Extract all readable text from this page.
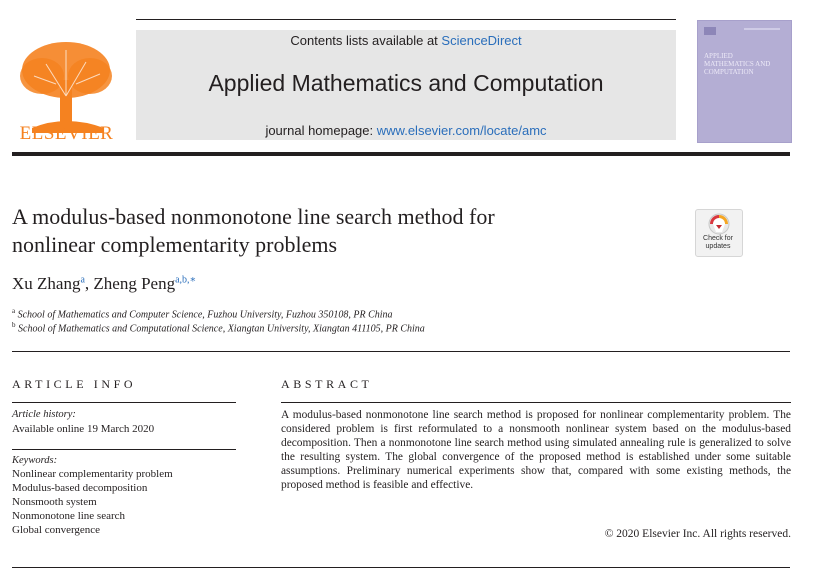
ELSEVIER
Contents lists available at ScienceDirect
Applied Mathematics and Computation
journal homepage: www.elsevier.com/locate/amc
APPLIED MATHEMATICS AND COMPUTATION
A modulus-based nonmonotone line search method for
nonlinear complementarity problems	Check for updates
Xu Zhang$^a$, Zheng Peng$^{a,b,∗}$
$^a$ School of Mathematics and Computer Science, Fuzhou University, Fuzhou 350108, PR China
$^b$ School of Mathematics and Computational Science, Xiangtan University, Xiangtan 411105, PR China
ARTICLE INFO
Article history:
Available online 19 March 2020
Keywords:
Nonlinear complementarity problem
Modulus-based decomposition
Nonsmooth system
Nonmonotone line search
Global convergence
ABSTRACT
A modulus-based nonmonotone line search method is proposed for nonlinear complementarity problem. The considered problem is first reformulated to a nonsmooth nonlinear system based on the modulus-based decomposition. Then a nonmonotone line search method using simulated annealing rule is generalized to solve the resulting system. The global convergence of the proposed method is established under some suitable assumptions. Preliminary numerical experiments show that, compared with some existing methods, the proposed method is feasible and effective.
© 2020 Elsevier Inc. All rights reserved.
